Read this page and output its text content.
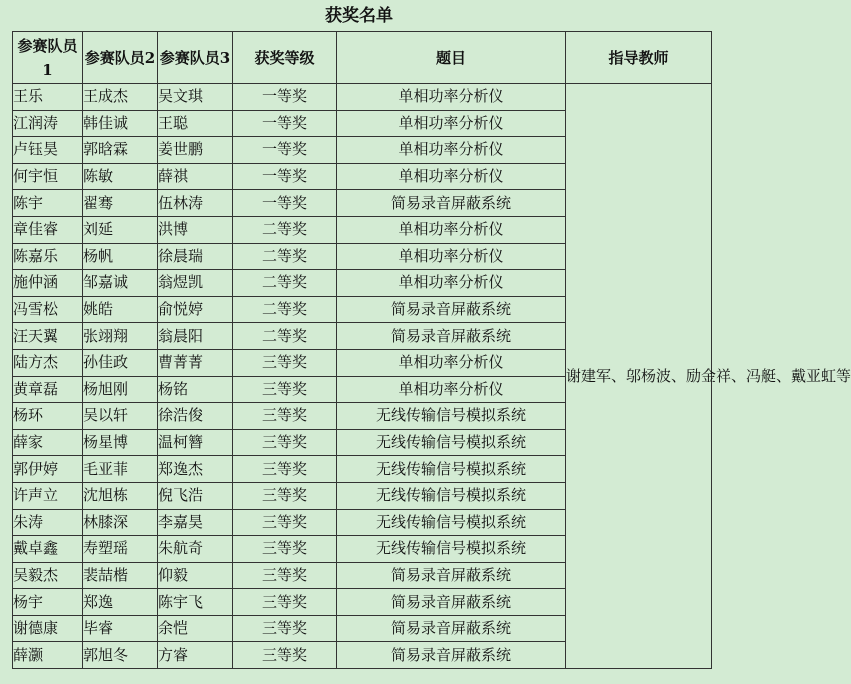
获奖名单
参赛队员1	参赛队员2	参赛队员3	获奖等级	题目	指导教师
王乐	王成杰	吴文琪	一等奖	单相功率分析仪	谢建军、邬杨波、励金祥、冯艇、戴亚虹等
江润涛	韩佳诚	王聪	一等奖	单相功率分析仪	
卢钰昊	郭晗霖	姜世鹏	一等奖	单相功率分析仪	
何宇恒	陈敏	薛祺	一等奖	单相功率分析仪	
陈宇	翟骞	伍林涛	一等奖	简易录音屏蔽系统	
章佳睿	刘延	洪博	二等奖	单相功率分析仪	
陈嘉乐	杨帆	徐晨瑞	二等奖	单相功率分析仪	
施仲涵	邹嘉诚	翁煜凯	二等奖	单相功率分析仪	
冯雪松	姚皓	俞悦婷	二等奖	简易录音屏蔽系统	
汪天翼	张翊翔	翁晨阳	二等奖	简易录音屏蔽系统	
陆方杰	孙佳政	曹菁菁	三等奖	单相功率分析仪	
黄章磊	杨旭刚	杨铭	三等奖	单相功率分析仪	
杨环	吴以轩	徐浩俊	三等奖	无线传输信号模拟系统	
薛家	杨星博	温柯簪	三等奖	无线传输信号模拟系统	
郭伊婷	毛亚菲	郑逸杰	三等奖	无线传输信号模拟系统	
许声立	沈旭栋	倪飞浩	三等奖	无线传输信号模拟系统	
朱涛	林膝深	李嘉昊	三等奖	无线传输信号模拟系统	
戴卓鑫	寿塑瑶	朱航奇	三等奖	无线传输信号模拟系统	
吴毅杰	裴喆楷	仰毅	三等奖	简易录音屏蔽系统	
杨宇	郑逸	陈宇飞	三等奖	简易录音屏蔽系统	
谢德康	毕睿	余恺	三等奖	简易录音屏蔽系统	
薛灏	郭旭冬	方睿	三等奖	简易录音屏蔽系统	
